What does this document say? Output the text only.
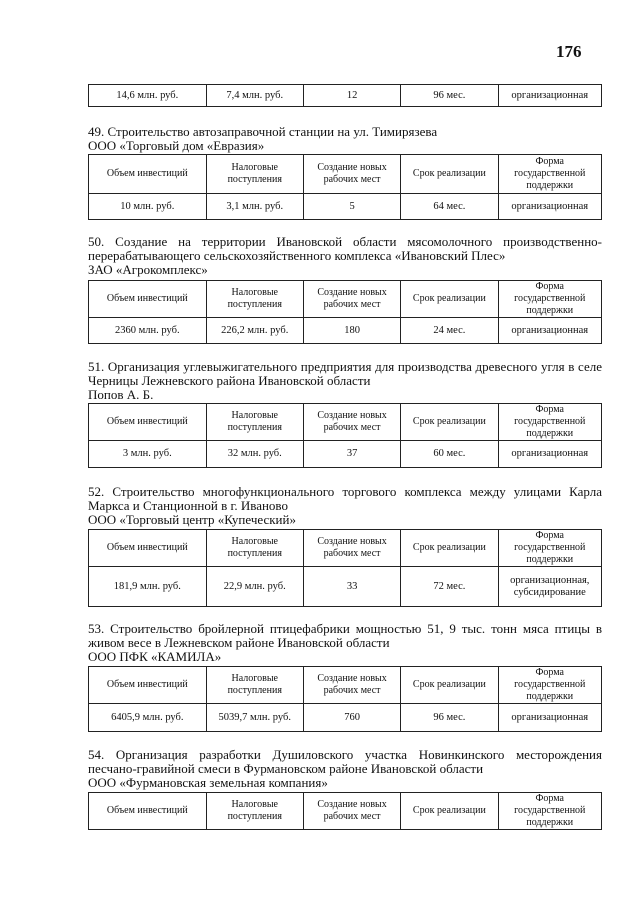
176
14,6 млн. руб.	7,4 млн. руб.	12	96 мес.	организационная
49. Строительство автозаправочной станции на ул. Тимирязева
ООО «Торговый дом «Евразия»
Объем инвестиций	Налоговые поступления	Создание новых рабочих мест	Срок реализации	Форма государственной поддержки
10 млн. руб.	3,1 млн. руб.	5	64 мес.	организационная
50. Создание на территории Ивановской области мясомолочного производственно-перерабатывающего сельскохозяйственного комплекса «Ивановский Плес»
ЗАО «Агрокомплекс»
Объем инвестиций	Налоговые поступления	Создание новых рабочих мест	Срок реализации	Форма государственной поддержки
2360 млн. руб.	226,2 млн. руб.	180	24 мес.	организационная
51. Организация углевыжигательного предприятия для производства древесного угля в селе Черницы Лежневского района Ивановской области
Попов А. Б.
Объем инвестиций	Налоговые поступления	Создание новых рабочих мест	Срок реализации	Форма государственной поддержки
3 млн. руб.	32 млн. руб.	37	60 мес.	организационная
52. Строительство многофункционального торгового комплекса между улицами Карла Маркса и Станционной в г. Иваново
ООО «Торговый центр «Купеческий»
Объем инвестиций	Налоговые поступления	Создание новых рабочих мест	Срок реализации	Форма государственной поддержки
181,9 млн. руб.	22,9 млн. руб.	33	72 мес.	организационная, субсидирование
53. Строительство бройлерной птицефабрики мощностью 51, 9 тыс. тонн мяса птицы в живом весе в Лежневском районе Ивановской области
ООО ПФК «КАМИЛА»
Объем инвестиций	Налоговые поступления	Создание новых рабочих мест	Срок реализации	Форма государственной поддержки
6405,9 млн. руб.	5039,7 млн. руб.	760	96 мес.	организационная
54. Организация разработки Душиловского участка Новинкинского месторождения песчано-гравийной смеси в Фурмановском районе Ивановской области
ООО «Фурмановская земельная компания»
Объем инвестиций	Налоговые поступления	Создание новых рабочих мест	Срок реализации	Форма государственной поддержки
